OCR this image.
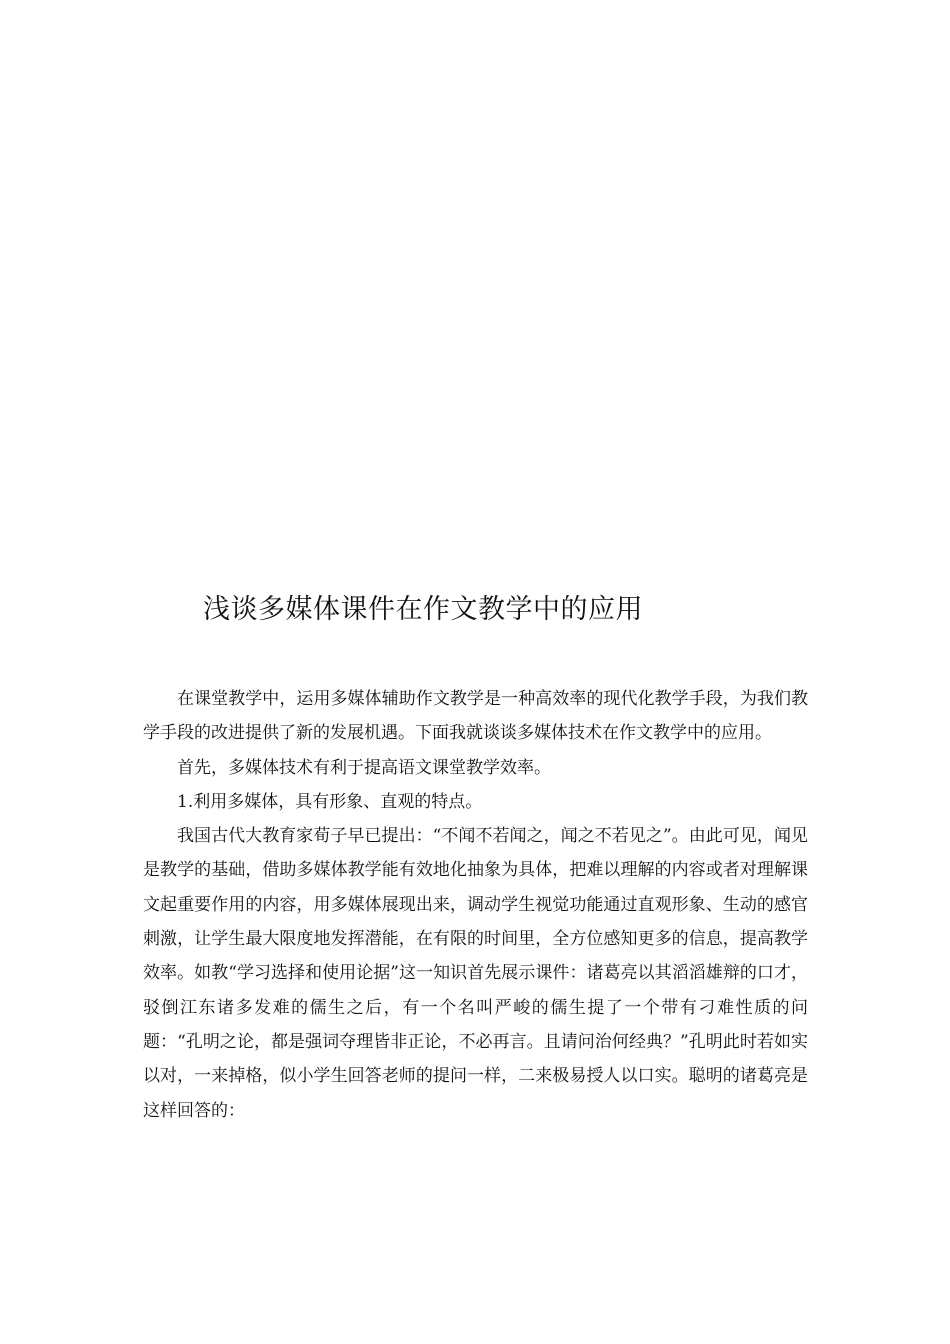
浅谈多媒体课件在作文教学中的应用

在课堂教学中，运用多媒体辅助作文教学是一种高效率的现代化教学手段，为我们教学手段的改进提供了新的发展机遇。下面我就谈谈多媒体技术在作文教学中的应用。

首先，多媒体技术有利于提高语文课堂教学效率。

1.利用多媒体，具有形象、直观的特点。

我国古代大教育家荀子早已提出：“不闻不若闻之，闻之不若见之”。由此可见，闻见是教学的基础，借助多媒体教学能有效地化抽象为具体，把难以理解的内容或者对理解课文起重要作用的内容，用多媒体展现出来，调动学生视觉功能通过直观形象、生动的感官刺激，让学生最大限度地发挥潜能，在有限的时间里，全方位感知更多的信息，提高教学效率。如教“学习选择和使用论据”这一知识首先展示课件：诸葛亮以其滔滔雄辩的口才，驳倒江东诸多发难的儒生之后，有一个名叫严峻的儒生提了一个带有刁难性质的问题：“孔明之论，都是强词夺理皆非正论，不必再言。且请问治何经典？”孔明此时若如实以对，一来掉格，似小学生回答老师的提问一样，二来极易授人以口实。聪明的诸葛亮是这样回答的：
